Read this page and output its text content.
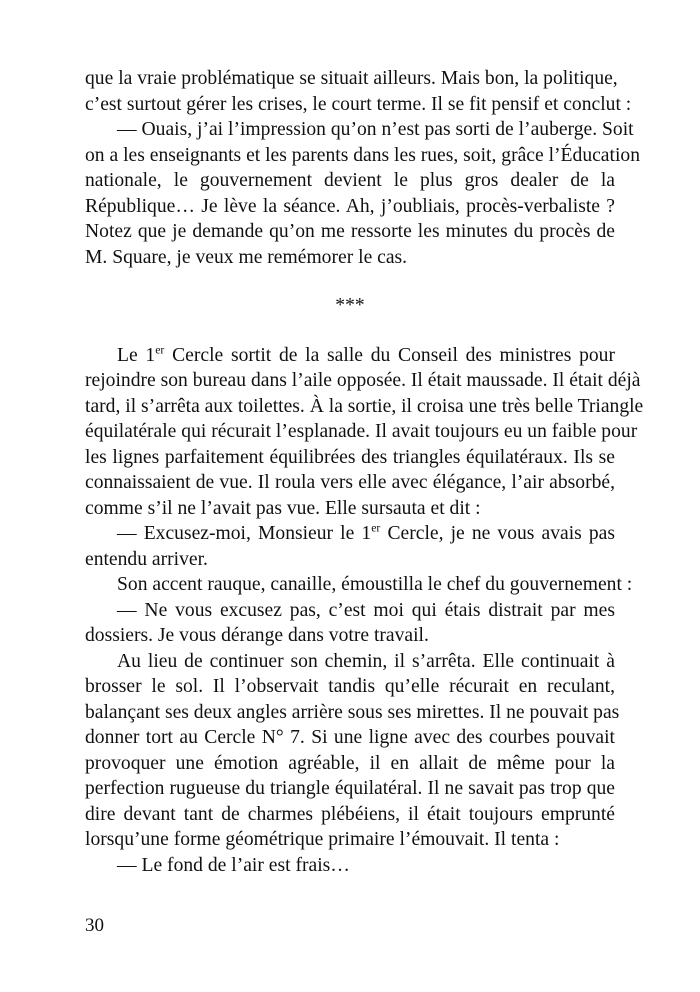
que la vraie problématique se situait ailleurs. Mais bon, la politique,
c’est surtout gérer les crises, le court terme. Il se fit pensif et conclut :
— Ouais, j’ai l’impression qu’on n’est pas sorti de l’auberge. Soit
on a les enseignants et les parents dans les rues, soit, grâce l’Éducation
nationale, le gouvernement devient le plus gros dealer de la
République… Je lève la séance. Ah, j’oubliais, procès-verbaliste ?
Notez que je demande qu’on me ressorte les minutes du procès de
M. Square, je veux me remémorer le cas.
***
Le 1er Cercle sortit de la salle du Conseil des ministres pour
rejoindre son bureau dans l’aile opposée. Il était maussade. Il était déjà
tard, il s’arrêta aux toilettes. À la sortie, il croisa une très belle Triangle
équilatérale qui récurait l’esplanade. Il avait toujours eu un faible pour
les lignes parfaitement équilibrées des triangles équilatéraux. Ils se
connaissaient de vue. Il roula vers elle avec élégance, l’air absorbé,
comme s’il ne l’avait pas vue. Elle sursauta et dit :
— Excusez-moi, Monsieur le 1er Cercle, je ne vous avais pas
entendu arriver.
Son accent rauque, canaille, émoustilla le chef du gouvernement :
— Ne vous excusez pas, c’est moi qui étais distrait par mes
dossiers. Je vous dérange dans votre travail.
Au lieu de continuer son chemin, il s’arrêta. Elle continuait à
brosser le sol. Il l’observait tandis qu’elle récurait en reculant,
balançant ses deux angles arrière sous ses mirettes. Il ne pouvait pas
donner tort au Cercle N° 7. Si une ligne avec des courbes pouvait
provoquer une émotion agréable, il en allait de même pour la
perfection rugueuse du triangle équilatéral. Il ne savait pas trop que
dire devant tant de charmes plébéiens, il était toujours emprunté
lorsqu’une forme géométrique primaire l’émouvait. Il tenta :
— Le fond de l’air est frais…
30
